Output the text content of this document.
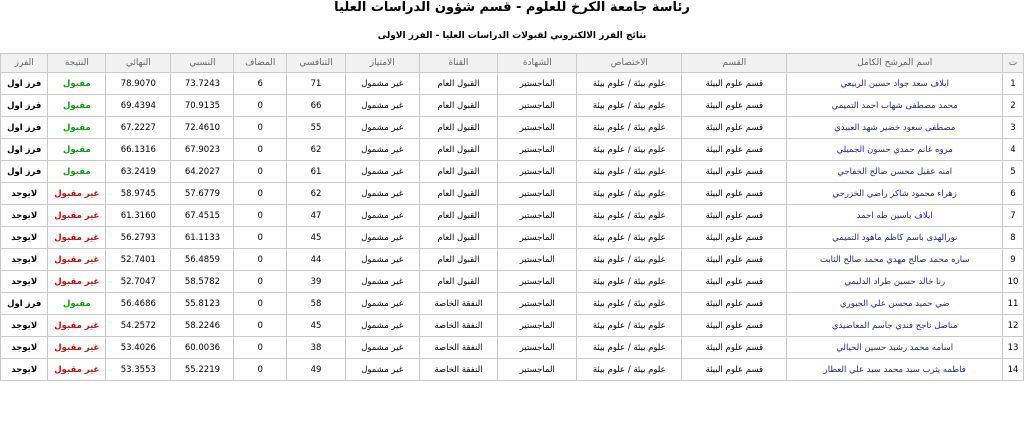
رئاسة جامعة الكرخ للعلوم - قسم شؤون الدراسات العليا
نتائج الفرز الالكتروني لقبولات الدراسات العليا - الفرز الاولى
ت	اسم المرشح الكامل	القسم	الاختصاص	الشهادة	القناة	الامتياز	التنافسي	المضاف	النسبي	النهائي	النتيجة	الفرز
1	ايلاف سعد جواد حسين الربيعي	قسم علوم البيئة	علوم بيئة / علوم بيئة	الماجستير	القبول العام	غير مشمول	71	6	73.7243	78.9070	مقبول	فرز اول
2	محمد مصطفى شهاب احمد التميمي	قسم علوم البيئة	علوم بيئة / علوم بيئة	الماجستير	القبول العام	غير مشمول	66	0	70.9135	69.4394	مقبول	فرز اول
3	مصطفى سعود خضير شهد العبيدي	قسم علوم البيئة	علوم بيئة / علوم بيئة	الماجستير	القبول العام	غير مشمول	55	0	72.4610	67.2227	مقبول	فرز اول
4	مروه غانم حمدي حسون الجميلي	قسم علوم البيئة	علوم بيئة / علوم بيئة	الماجستير	القبول العام	غير مشمول	62	0	67.9023	66.1316	مقبول	فرز اول
5	امنه عقيل محسن صالح الخفاجي	قسم علوم البيئة	علوم بيئة / علوم بيئة	الماجستير	القبول العام	غير مشمول	61	0	64.2027	63.2419	مقبول	فرز اول
6	زهراء محمود شاكر راضي الخزرجي	قسم علوم البيئة	علوم بيئة / علوم بيئة	الماجستير	القبول العام	غير مشمول	62	0	57.6779	58.9745	غير مقبول	لايوجد
7	ايلاف ياسين طه احمد	قسم علوم البيئة	علوم بيئة / علوم بيئة	الماجستير	القبول العام	غير مشمول	47	0	67.4515	61.3160	غير مقبول	لايوجد
8	نورالهدى باسم كاظم ماهود التميمي	قسم علوم البيئة	علوم بيئة / علوم بيئة	الماجستير	القبول العام	غير مشمول	45	0	61.1133	56.2793	غير مقبول	لايوجد
9	ساره محمد صالح مهدي محمد صالح الثابت	قسم علوم البيئة	علوم بيئة / علوم بيئة	الماجستير	القبول العام	غير مشمول	44	0	56.4859	52.7401	غير مقبول	لايوجد
10	رنا خالد حسين طراد الدليمي	قسم علوم البيئة	علوم بيئة / علوم بيئة	الماجستير	القبول العام	غير مشمول	39	0	58.5782	52.7047	غير مقبول	لايوجد
11	ضي حميد محسن علي الجبوري	قسم علوم البيئة	علوم بيئة / علوم بيئة	الماجستير	النفقة الخاصة	غير مشمول	58	0	55.8123	56.4686	مقبول	فرز اول
12	مناضل ناجح فندي جاسم المعاضيدي	قسم علوم البيئة	علوم بيئة / علوم بيئة	الماجستير	النفقة الخاصة	غير مشمول	45	0	58.2246	54.2572	غير مقبول	لايوجد
13	اسامه محمد رشيد حسين الحيالي	قسم علوم البيئة	علوم بيئة / علوم بيئة	الماجستير	النفقة الخاصة	غير مشمول	38	0	60.0036	53.4026	غير مقبول	لايوجد
14	فاطمه يثرب سيد محمد سيد علي العطار	قسم علوم البيئة	علوم بيئة / علوم بيئة	الماجستير	النفقة الخاصة	غير مشمول	49	0	55.2219	53.3553	غير مقبول	لايوجد
